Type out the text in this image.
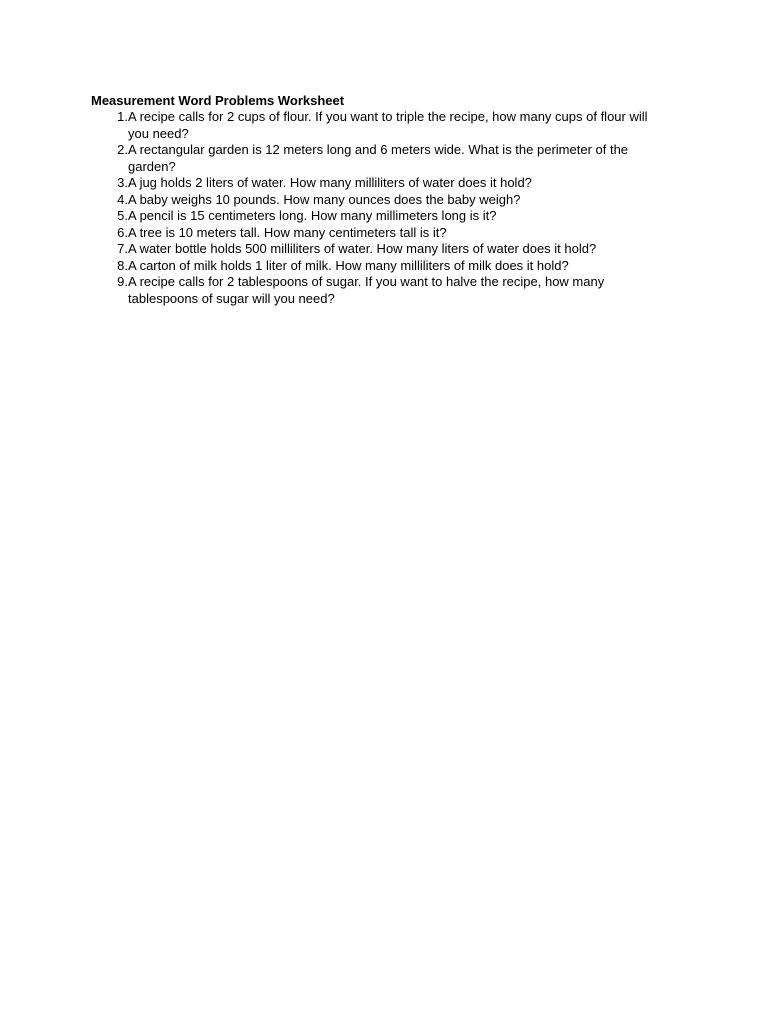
Measurement Word Problems Worksheet
1. A recipe calls for 2 cups of flour. If you want to triple the recipe, how many cups of flour will you need?
2. A rectangular garden is 12 meters long and 6 meters wide. What is the perimeter of the garden?
3. A jug holds 2 liters of water. How many milliliters of water does it hold?
4. A baby weighs 10 pounds. How many ounces does the baby weigh?
5. A pencil is 15 centimeters long. How many millimeters long is it?
6. A tree is 10 meters tall. How many centimeters tall is it?
7. A water bottle holds 500 milliliters of water. How many liters of water does it hold?
8. A carton of milk holds 1 liter of milk. How many milliliters of milk does it hold?
9. A recipe calls for 2 tablespoons of sugar. If you want to halve the recipe, how many tablespoons of sugar will you need?
